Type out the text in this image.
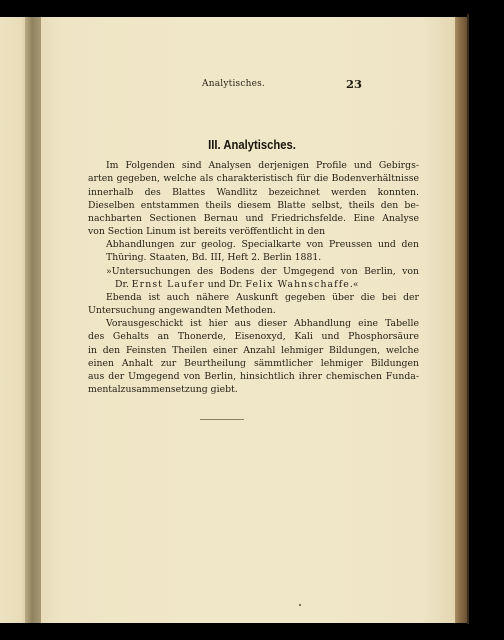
Analytisches.	23
III. Analytisches.
Im Folgenden sind Analysen derjenigen Profile und Gebirgs-
arten gegeben, welche als charakteristisch für die Bodenverhältnisse
innerhalb des Blattes Wandlitz bezeichnet werden konnten.
Dieselben entstammen theils diesem Blatte selbst, theils den be-
nachbarten Sectionen Bernau und Friedrichsfelde. Eine Analyse
von Section Linum ist bereits veröffentlicht in den
Abhandlungen zur geolog. Specialkarte von Preussen und den
Thüring. Staaten, Bd. III, Heft 2. Berlin 1881.
»Untersuchungen des Bodens der Umgegend von Berlin, von
Dr. Ernst Laufer und Dr. Felix Wahnschaffe.«
Ebenda ist auch nähere Auskunft gegeben über die bei der
Untersuchung angewandten Methoden.
Vorausgeschickt ist hier aus dieser Abhandlung eine Tabelle
des Gehalts an Thonerde, Eisenoxyd, Kali und Phosphorsäure
in den Feinsten Theilen einer Anzahl lehmiger Bildungen, welche
einen Anhalt zur Beurtheilung sämmtlicher lehmiger Bildungen
aus der Umgegend von Berlin, hinsichtlich ihrer chemischen Funda-
mentalzusammensetzung giebt.
